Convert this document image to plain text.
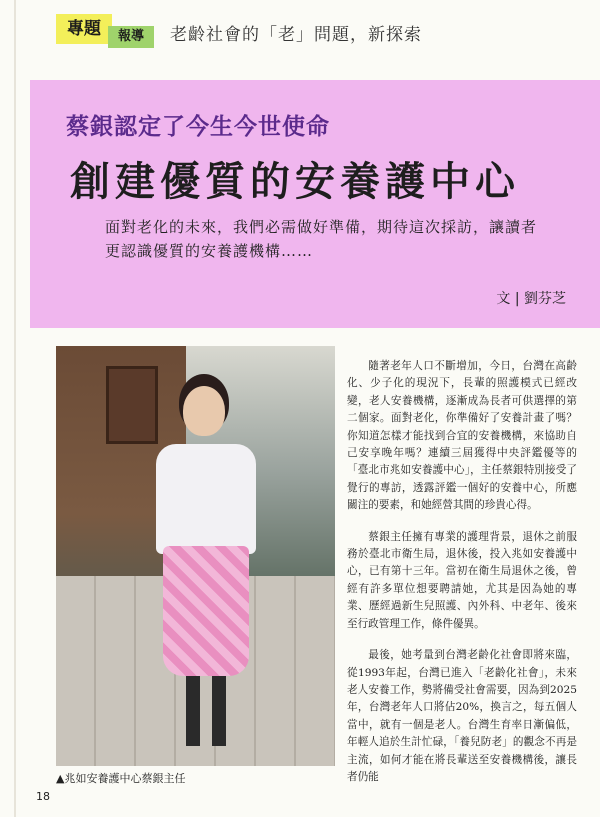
專題	報導	老齡社會的「老」問題，新探索
蔡銀認定了今生今世使命
創建優質的安養護中心
面對老化的未來，我們必需做好準備，期待這次採訪，讓讀者更認識優質的安養護機構……
文 | 劉芬芝
▲兆如安養護中心蔡銀主任

隨著老年人口不斷增加，今日，台灣在高齡化、少子化的現況下，長輩的照護模式已經改變，老人安養機構，逐漸成為長者可供選擇的第二個家。面對老化，你準備好了安養計畫了嗎？你知道怎樣才能找到合宜的安養機構，來協助自己安享晚年嗎？連續三屆獲得中央評鑑優等的「臺北市兆如安養護中心」，主任蔡銀特別接受了覺行的專訪，透露評鑑一個好的安養中心，所應關注的要素，和她經營其間的珍貴心得。

蔡銀主任擁有專業的護理背景，退休之前服務於臺北市衛生局，退休後，投入兆如安養護中心，已有第十三年。當初在衛生局退休之後，曾經有許多單位想要聘請她，尤其是因為她的專業、歷經過新生兒照護、內外科、中老年、後來至行政管理工作，條件優異。

最後，她考量到台灣老齡化社會即將來臨，從1993年起，台灣已進入「老齡化社會」，未來老人安養工作，勢將備受社會需要，因為到2025年，台灣老年人口將佔20%，換言之，每五個人當中，就有一個是老人。台灣生育率日漸偏低，年輕人追於生計忙碌，「養兒防老」的觀念不再是主流，如何才能在將長輩送至安養機構後，讓長者仍能

18
